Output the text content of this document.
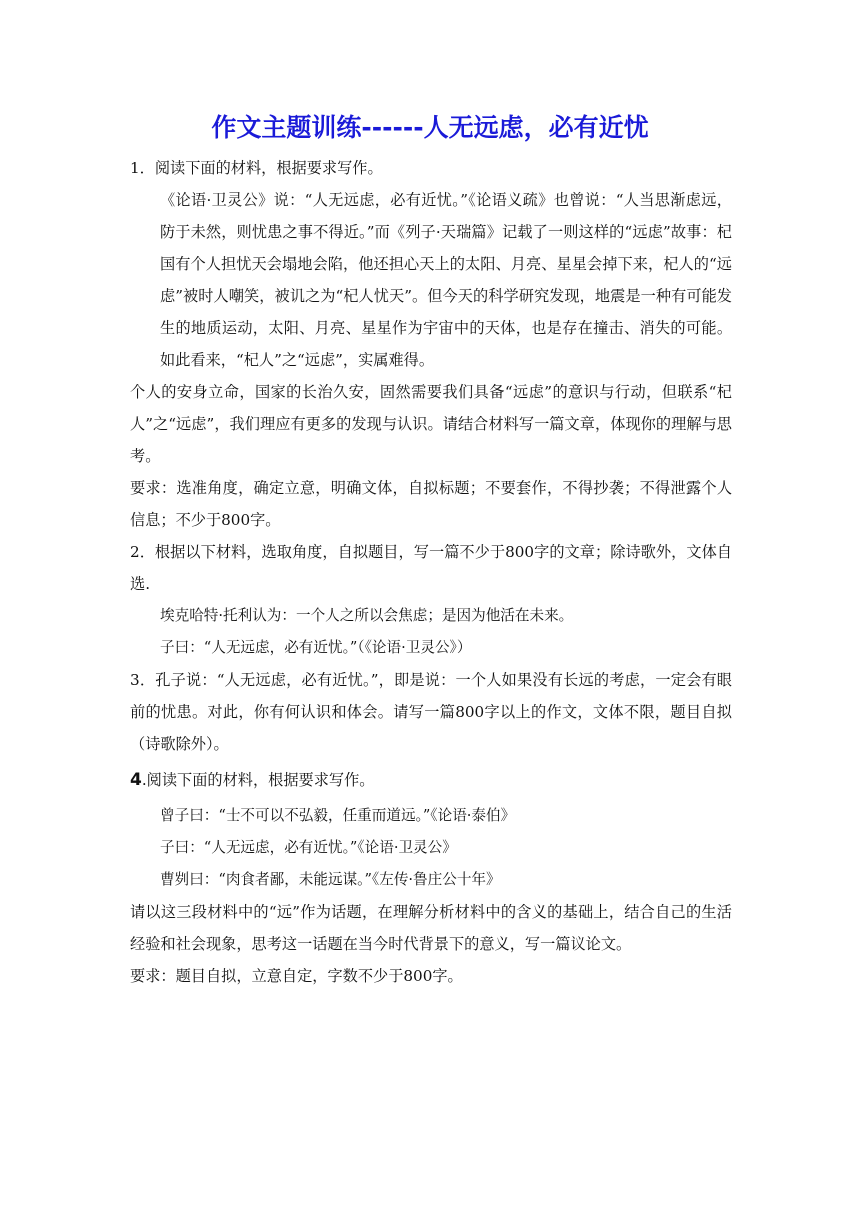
作文主题训练------人无远虑，必有近忧

1．阅读下面的材料，根据要求写作。

《论语·卫灵公》说：“人无远虑，必有近忧。”《论语义疏》也曾说：“人当思渐虑远，防于未然，则忧患之事不得近。”而《列子·天瑞篇》记载了一则这样的“远虑”故事：杞国有个人担忧天会塌地会陷，他还担心天上的太阳、月亮、星星会掉下来，杞人的“远虑”被时人嘲笑，被讥之为“杞人忧天”。但今天的科学研究发现，地震是一种有可能发生的地质运动，太阳、月亮、星星作为宇宙中的天体，也是存在撞击、消失的可能。如此看来，“杞人”之“远虑”，实属难得。

个人的安身立命，国家的长治久安，固然需要我们具备“远虑”的意识与行动，但联系“杞人”之“远虑”，我们理应有更多的发现与认识。请结合材料写一篇文章，体现你的理解与思考。

要求：选准角度，确定立意，明确文体，自拟标题；不要套作，不得抄袭；不得泄露个人信息；不少于800字。

2．根据以下材料，选取角度，自拟题目，写一篇不少于800字的文章；除诗歌外，文体自选.

埃克哈特·托利认为：一个人之所以会焦虑；是因为他活在未来。

子曰：“人无远虑，必有近忧。”（《论语·卫灵公》）

3．孔子说：“人无远虑，必有近忧。”，即是说：一个人如果没有长远的考虑，一定会有眼前的忧患。对此，你有何认识和体会。请写一篇800字以上的作文，文体不限，题目自拟（诗歌除外）。

4.阅读下面的材料，根据要求写作。

曾子曰：“士不可以不弘毅，任重而道远。”《论语·泰伯》

子曰：“人无远虑，必有近忧。”《论语·卫灵公》

曹刿曰：“肉食者鄙，未能远谋。”《左传·鲁庄公十年》

请以这三段材料中的“远”作为话题，在理解分析材料中的含义的基础上，结合自己的生活经验和社会现象，思考这一话题在当今时代背景下的意义，写一篇议论文。

要求：题目自拟，立意自定，字数不少于800字。
